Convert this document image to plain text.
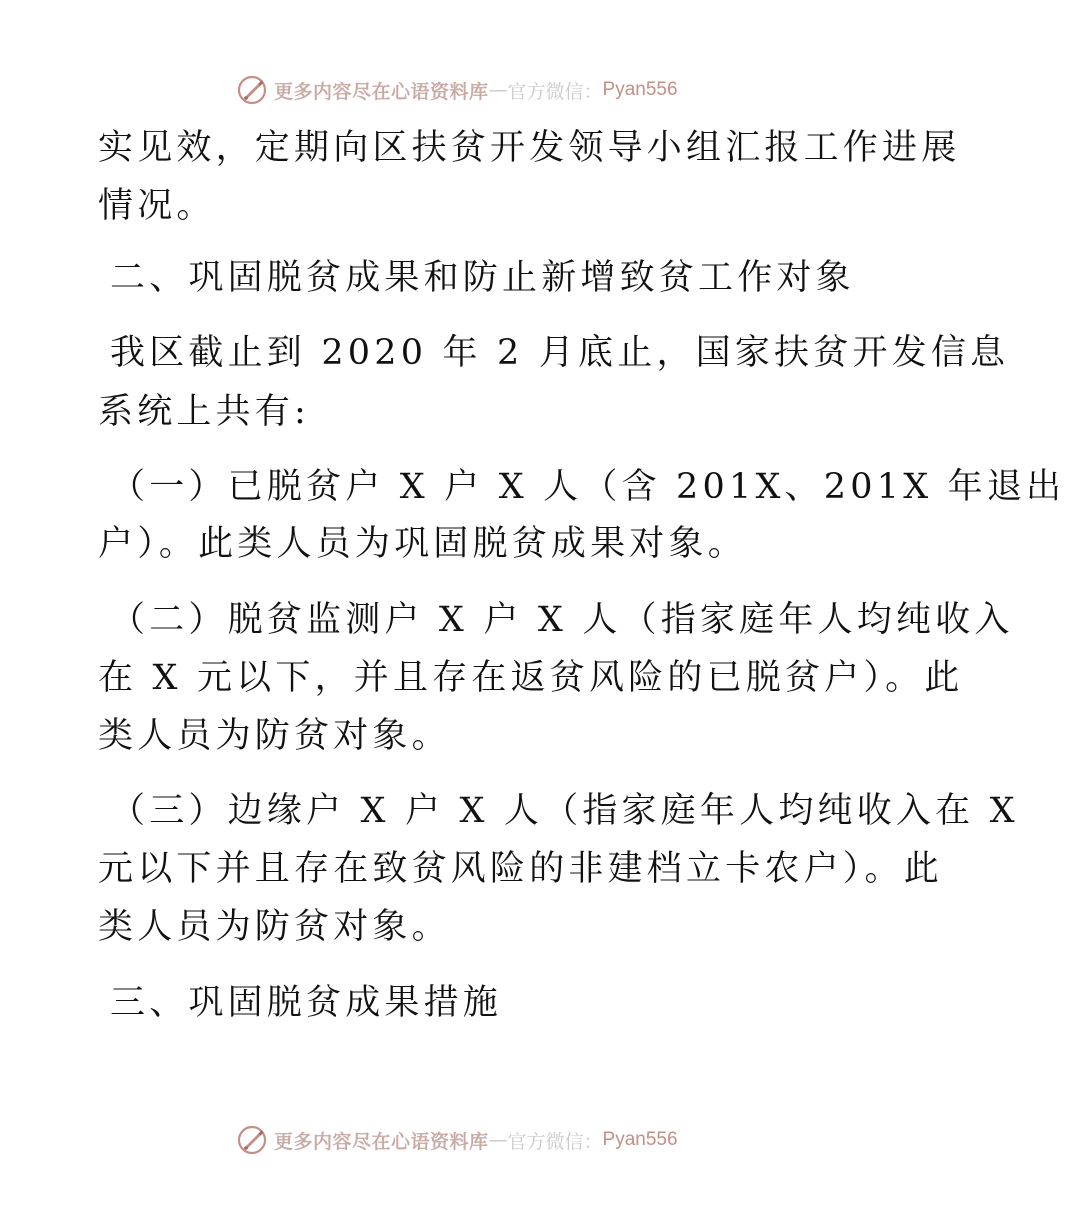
更多内容尽在心语资料库 — 官方微信： Pyan556
实见效，定期向区扶贫开发领导小组汇报工作进展
情况。
二、巩固脱贫成果和防止新增致贫工作对象
我区截止到 2020 年 2 月底止，国家扶贫开发信息
系统上共有:
（一）已脱贫户 X 户 X 人（含 201X、201X 年退出
户）。此类人员为巩固脱贫成果对象。
（二）脱贫监测户 X 户 X 人（指家庭年人均纯收入
在 X 元以下，并且存在返贫风险的已脱贫户）。此
类人员为防贫对象。
（三）边缘户 X 户 X 人（指家庭年人均纯收入在 X
元以下并且存在致贫风险的非建档立卡农户）。此
类人员为防贫对象。
三、巩固脱贫成果措施
更多内容尽在心语资料库 — 官方微信： Pyan556
